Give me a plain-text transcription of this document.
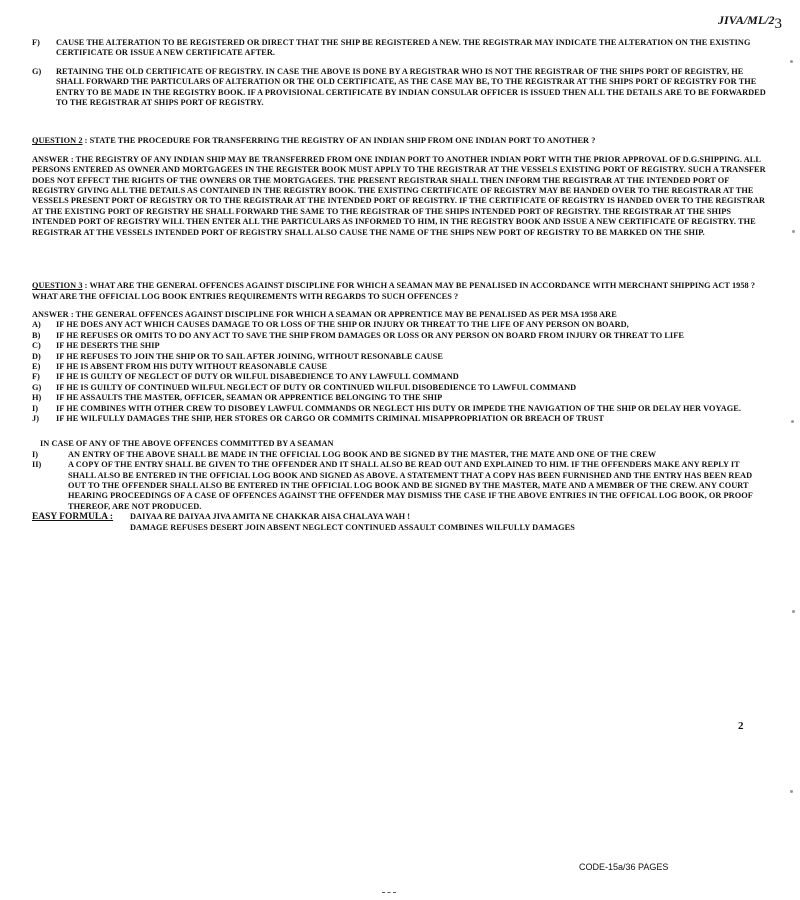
JIVA/ML/23
F)	CAUSE THE ALTERATION TO BE REGISTERED OR DIRECT THAT THE SHIP BE REGISTERED A NEW. THE REGISTRAR MAY INDICATE THE ALTERATION ON THE EXISTING CERTIFICATE OR ISSUE A NEW CERTIFICATE AFTER.
G)	RETAINING THE OLD CERTIFICATE OF REGISTRY. IN CASE THE ABOVE IS DONE BY A REGISTRAR WHO IS NOT THE REGISTRAR OF THE SHIPS PORT OF REGISTRY, HE SHALL FORWARD THE PARTICULARS OF ALTERATION OR THE OLD CERTIFICATE, AS THE CASE MAY BE, TO THE REGISTRAR AT THE SHIPS PORT OF REGISTRY FOR THE ENTRY TO BE MADE IN THE REGISTRY BOOK. IF A PROVISIONAL CERTIFICATE BY INDIAN CONSULAR OFFICER IS ISSUED THEN ALL THE DETAILS ARE TO BE FORWARDED TO THE REGISTRAR AT SHIPS PORT OF REGISTRY.
QUESTION 2 : STATE THE PROCEDURE FOR TRANSFERRING THE REGISTRY OF AN INDIAN SHIP FROM ONE INDIAN PORT TO ANOTHER ?
ANSWER : THE REGISTRY OF ANY INDIAN SHIP MAY BE TRANSFERRED FROM ONE INDIAN PORT TO ANOTHER INDIAN PORT WITH THE PRIOR APPROVAL OF D.G.SHIPPING. ALL PERSONS ENTERED AS OWNER AND MORTGAGEES IN THE REGISTER BOOK MUST APPLY TO THE REGISTRAR AT THE VESSELS EXISTING PORT OF REGISTRY. SUCH A TRANSFER DOES NOT EFFECT THE RIGHTS OF THE OWNERS OR THE MORTGAGEES. THE PRESENT REGISTRAR SHALL THEN INFORM THE REGISTRAR AT THE INTENDED PORT OF REGISTRY GIVING ALL THE DETAILS AS CONTAINED IN THE REGISTRY BOOK. THE EXISTING CERTIFICATE OF REGISTRY MAY BE HANDED OVER TO THE REGISTRAR AT THE VESSELS PRESENT PORT OF REGISTRY OR TO THE REGISTRAR AT THE INTENDED PORT OF REGISTRY. IF THE CERTIFICATE OF REGISTRY IS HANDED OVER TO THE REGISTRAR AT THE EXISTING PORT OF REGISTRY HE SHALL FORWARD THE SAME TO THE REGISTRAR OF THE SHIPS INTENDED PORT OF REGISTRY. THE REGISTRAR AT THE SHIPS INTENDED PORT OF REGISTRY WILL THEN ENTER ALL THE PARTICULARS AS INFORMED TO HIM, IN THE REGISTRY BOOK AND ISSUE A NEW CERTIFICATE OF REGISTRY. THE REGISTRAR AT THE VESSELS INTENDED PORT OF REGISTRY SHALL ALSO CAUSE THE NAME OF THE SHIPS NEW PORT OF REGISTRY TO BE MARKED ON THE SHIP.
QUESTION 3 : WHAT ARE THE GENERAL OFFENCES AGAINST DISCIPLINE FOR WHICH A SEAMAN MAY BE PENALISED IN ACCORDANCE WITH MERCHANT SHIPPING ACT 1958 ? WHAT ARE THE OFFICIAL LOG BOOK ENTRIES REQUIREMENTS WITH REGARDS TO SUCH OFFENCES ?
ANSWER : THE GENERAL OFFENCES AGAINST DISCIPLINE FOR WHICH A SEAMAN OR APPRENTICE MAY BE PENALISED AS PER MSA 1958 ARE
A)	IF HE DOES ANY ACT WHICH CAUSES DAMAGE TO OR LOSS OF THE SHIP OR INJURY OR THREAT TO THE LIFE OF ANY PERSON ON BOARD,
B)	IF HE REFUSES OR OMITS TO DO ANY ACT TO SAVE THE SHIP FROM DAMAGES OR LOSS OR ANY PERSON ON BOARD FROM INJURY OR THREAT TO LIFE
C)	IF HE DESERTS THE SHIP
D)	IF HE REFUSES TO JOIN THE SHIP OR TO SAIL AFTER JOINING, WITHOUT RESONABLE CAUSE
E)	IF HE IS ABSENT FROM HIS DUTY WITHOUT REASONABLE CAUSE
F)	IF HE IS GUILTY OF NEGLECT OF DUTY OR WILFUL DISABEDIENCE TO ANY LAWFULL COMMAND
G)	IF HE IS GUILTY OF CONTINUED WILFUL NEGLECT OF DUTY OR CONTINUED WILFUL DISOBEDIENCE TO LAWFUL COMMAND
H)	IF HE ASSAULTS THE MASTER, OFFICER, SEAMAN OR APPRENTICE BELONGING TO THE SHIP
I)	IF HE COMBINES WITH OTHER CREW TO DISOBEY LAWFUL COMMANDS OR NEGLECT HIS DUTY OR IMPEDE THE NAVIGATION OF THE SHIP OR DELAY HER VOYAGE.
J)	IF HE WILFULLY DAMAGES THE SHIP, HER STORES OR CARGO OR COMMITS CRIMINAL MISAPPROPRIATION OR BREACH OF TRUST
IN CASE OF ANY OF THE ABOVE OFFENCES COMMITTED BY A SEAMAN
I)	AN ENTRY OF THE ABOVE SHALL BE MADE IN THE OFFICIAL LOG BOOK AND BE SIGNED BY THE MASTER, THE MATE AND ONE OF THE CREW
II)	A COPY OF THE ENTRY SHALL BE GIVEN TO THE OFFENDER AND IT SHALL ALSO BE READ OUT AND EXPLAINED TO HIM. IF THE OFFENDERS MAKE ANY REPLY IT SHALL ALSO BE ENTERED IN THE OFFICIAL LOG BOOK AND SIGNED AS ABOVE. A STATEMENT THAT A COPY HAS BEEN FURNISHED AND THE ENTRY HAS BEEN READ OUT TO THE OFFENDER SHALL ALSO BE ENTERED IN THE OFFICIAL LOG BOOK AND BE SIGNED BY THE MASTER, MATE AND A MEMBER OF THE CREW. ANY COURT HEARING PROCEEDINGS OF A CASE OF OFFENCES AGAINST THE OFFENDER MAY DISMISS THE CASE IF THE ABOVE ENTRIES IN THE OFFICAL LOG BOOK, OR PROOF THEREOF, ARE NOT PRODUCED.
EASY FORMULA :	DAIYAA RE DAIYAA JIVA AMITA NE CHAKKAR AISA CHALAYA WAH !
DAMAGE REFUSES DESERT JOIN ABSENT NEGLECT CONTINUED ASSAULT COMBINES WILFULLY DAMAGES
2
CODE-15a/36 PAGES
